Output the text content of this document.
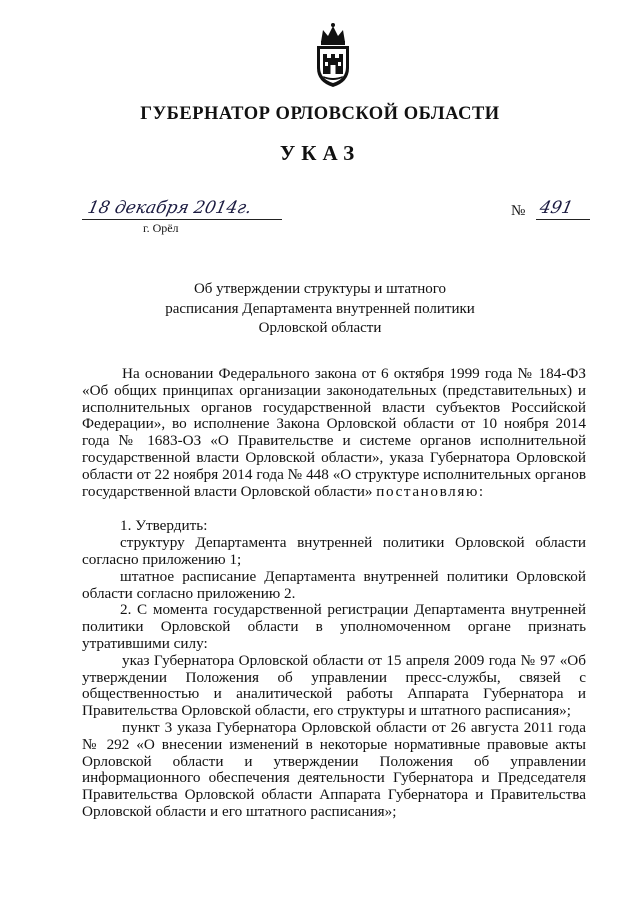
ГУБЕРНАТОР ОРЛОВСКОЙ ОБЛАСТИ
УКАЗ
18 декабря 2014г.
г. Орёл
№ 491
Об утверждении структуры и штатного
расписания Департамента внутренней политики
Орловской области

На основании Федерального закона от 6 октября 1999 года № 184-ФЗ «Об общих принципах организации законодательных (представительных) и исполнительных органов государственной власти субъектов Российской Федерации», во исполнение Закона Орловской области от 10 ноября 2014 года № 1683-ОЗ «О Правительстве и системе органов исполнительной государственной власти Орловской области», указа Губернатора Орловской области от 22 ноября 2014 года № 448 «О структуре исполнительных органов государственной власти Орловской области» постановляю:

1. Утвердить:

структуру Департамента внутренней политики Орловской области согласно приложению 1;

штатное расписание Департамента внутренней политики Орловской области согласно приложению 2.

2. С момента государственной регистрации Департамента внутренней политики Орловской области в уполномоченном органе признать утратившими силу:

указ Губернатора Орловской области от 15 апреля 2009 года № 97 «Об утверждении Положения об управлении пресс-службы, связей с общественностью и аналитической работы Аппарата Губернатора и Правительства Орловской области, его структуры и штатного расписания»;

пункт 3 указа Губернатора Орловской области от 26 августа 2011 года № 292 «О внесении изменений в некоторые нормативные правовые акты Орловской области и утверждении Положения об управлении информационного обеспечения деятельности Губернатора и Председателя Правительства Орловской области Аппарата Губернатора и Правительства Орловской области и его штатного расписания»;
